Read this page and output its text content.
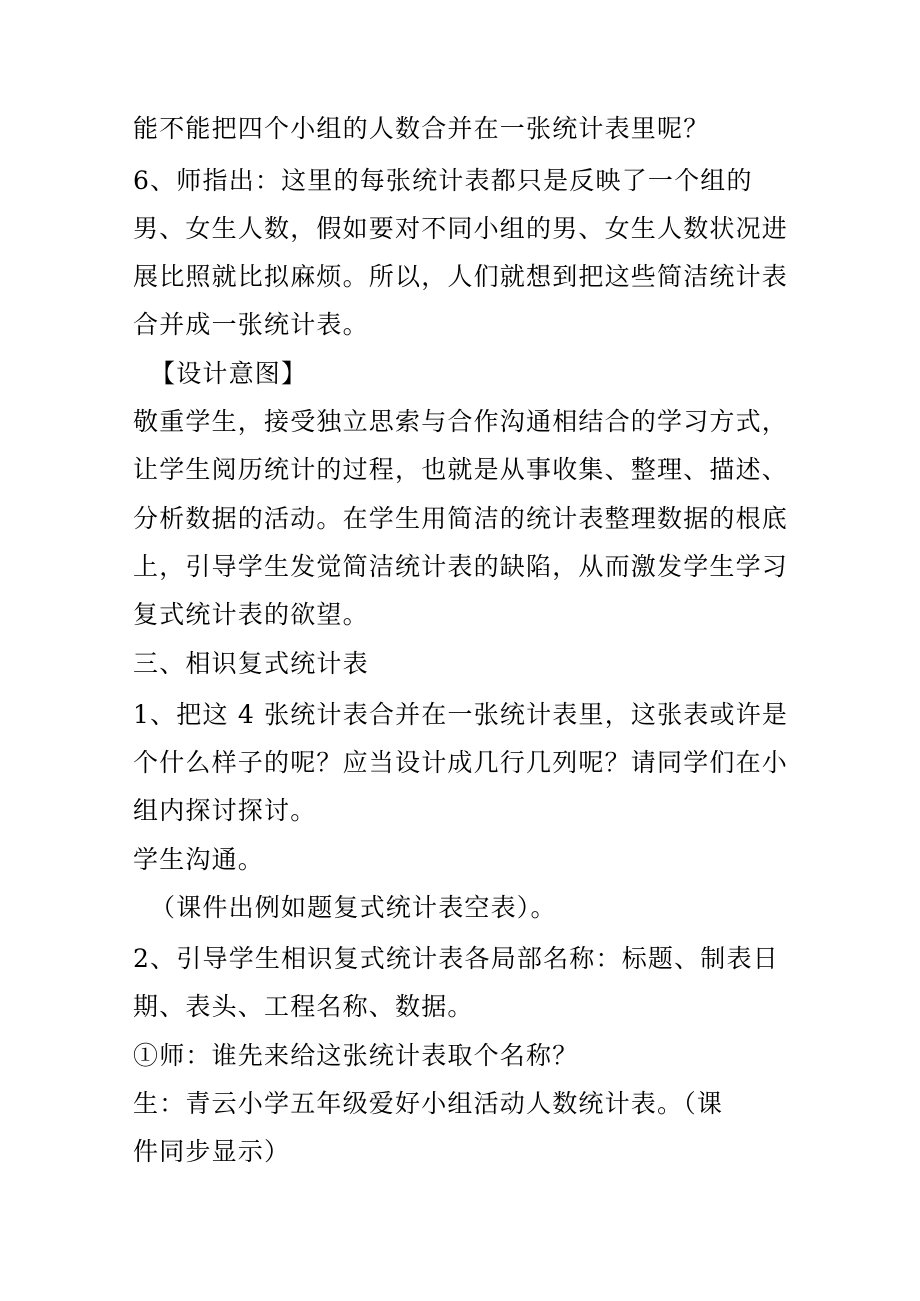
能不能把四个小组的人数合并在一张统计表里呢？
6、师指出：这里的每张统计表都只是反映了一个组的
男、女生人数，假如要对不同小组的男、女生人数状况进
展比照就比拟麻烦。所以，人们就想到把这些简洁统计表
合并成一张统计表。
【设计意图】
敬重学生，接受独立思索与合作沟通相结合的学习方式，
让学生阅历统计的过程，也就是从事收集、整理、描述、
分析数据的活动。在学生用简洁的统计表整理数据的根底
上，引导学生发觉简洁统计表的缺陷，从而激发学生学习
复式统计表的欲望。
三、相识复式统计表
1、把这 4 张统计表合并在一张统计表里，这张表或许是
个什么样子的呢？应当设计成几行几列呢？请同学们在小
组内探讨探讨。
学生沟通。
（课件出例如题复式统计表空表）。
2、引导学生相识复式统计表各局部名称：标题、制表日
期、表头、工程名称、数据。
①师：谁先来给这张统计表取个名称？
生：青云小学五年级爱好小组活动人数统计表。（课
件同步显示）
